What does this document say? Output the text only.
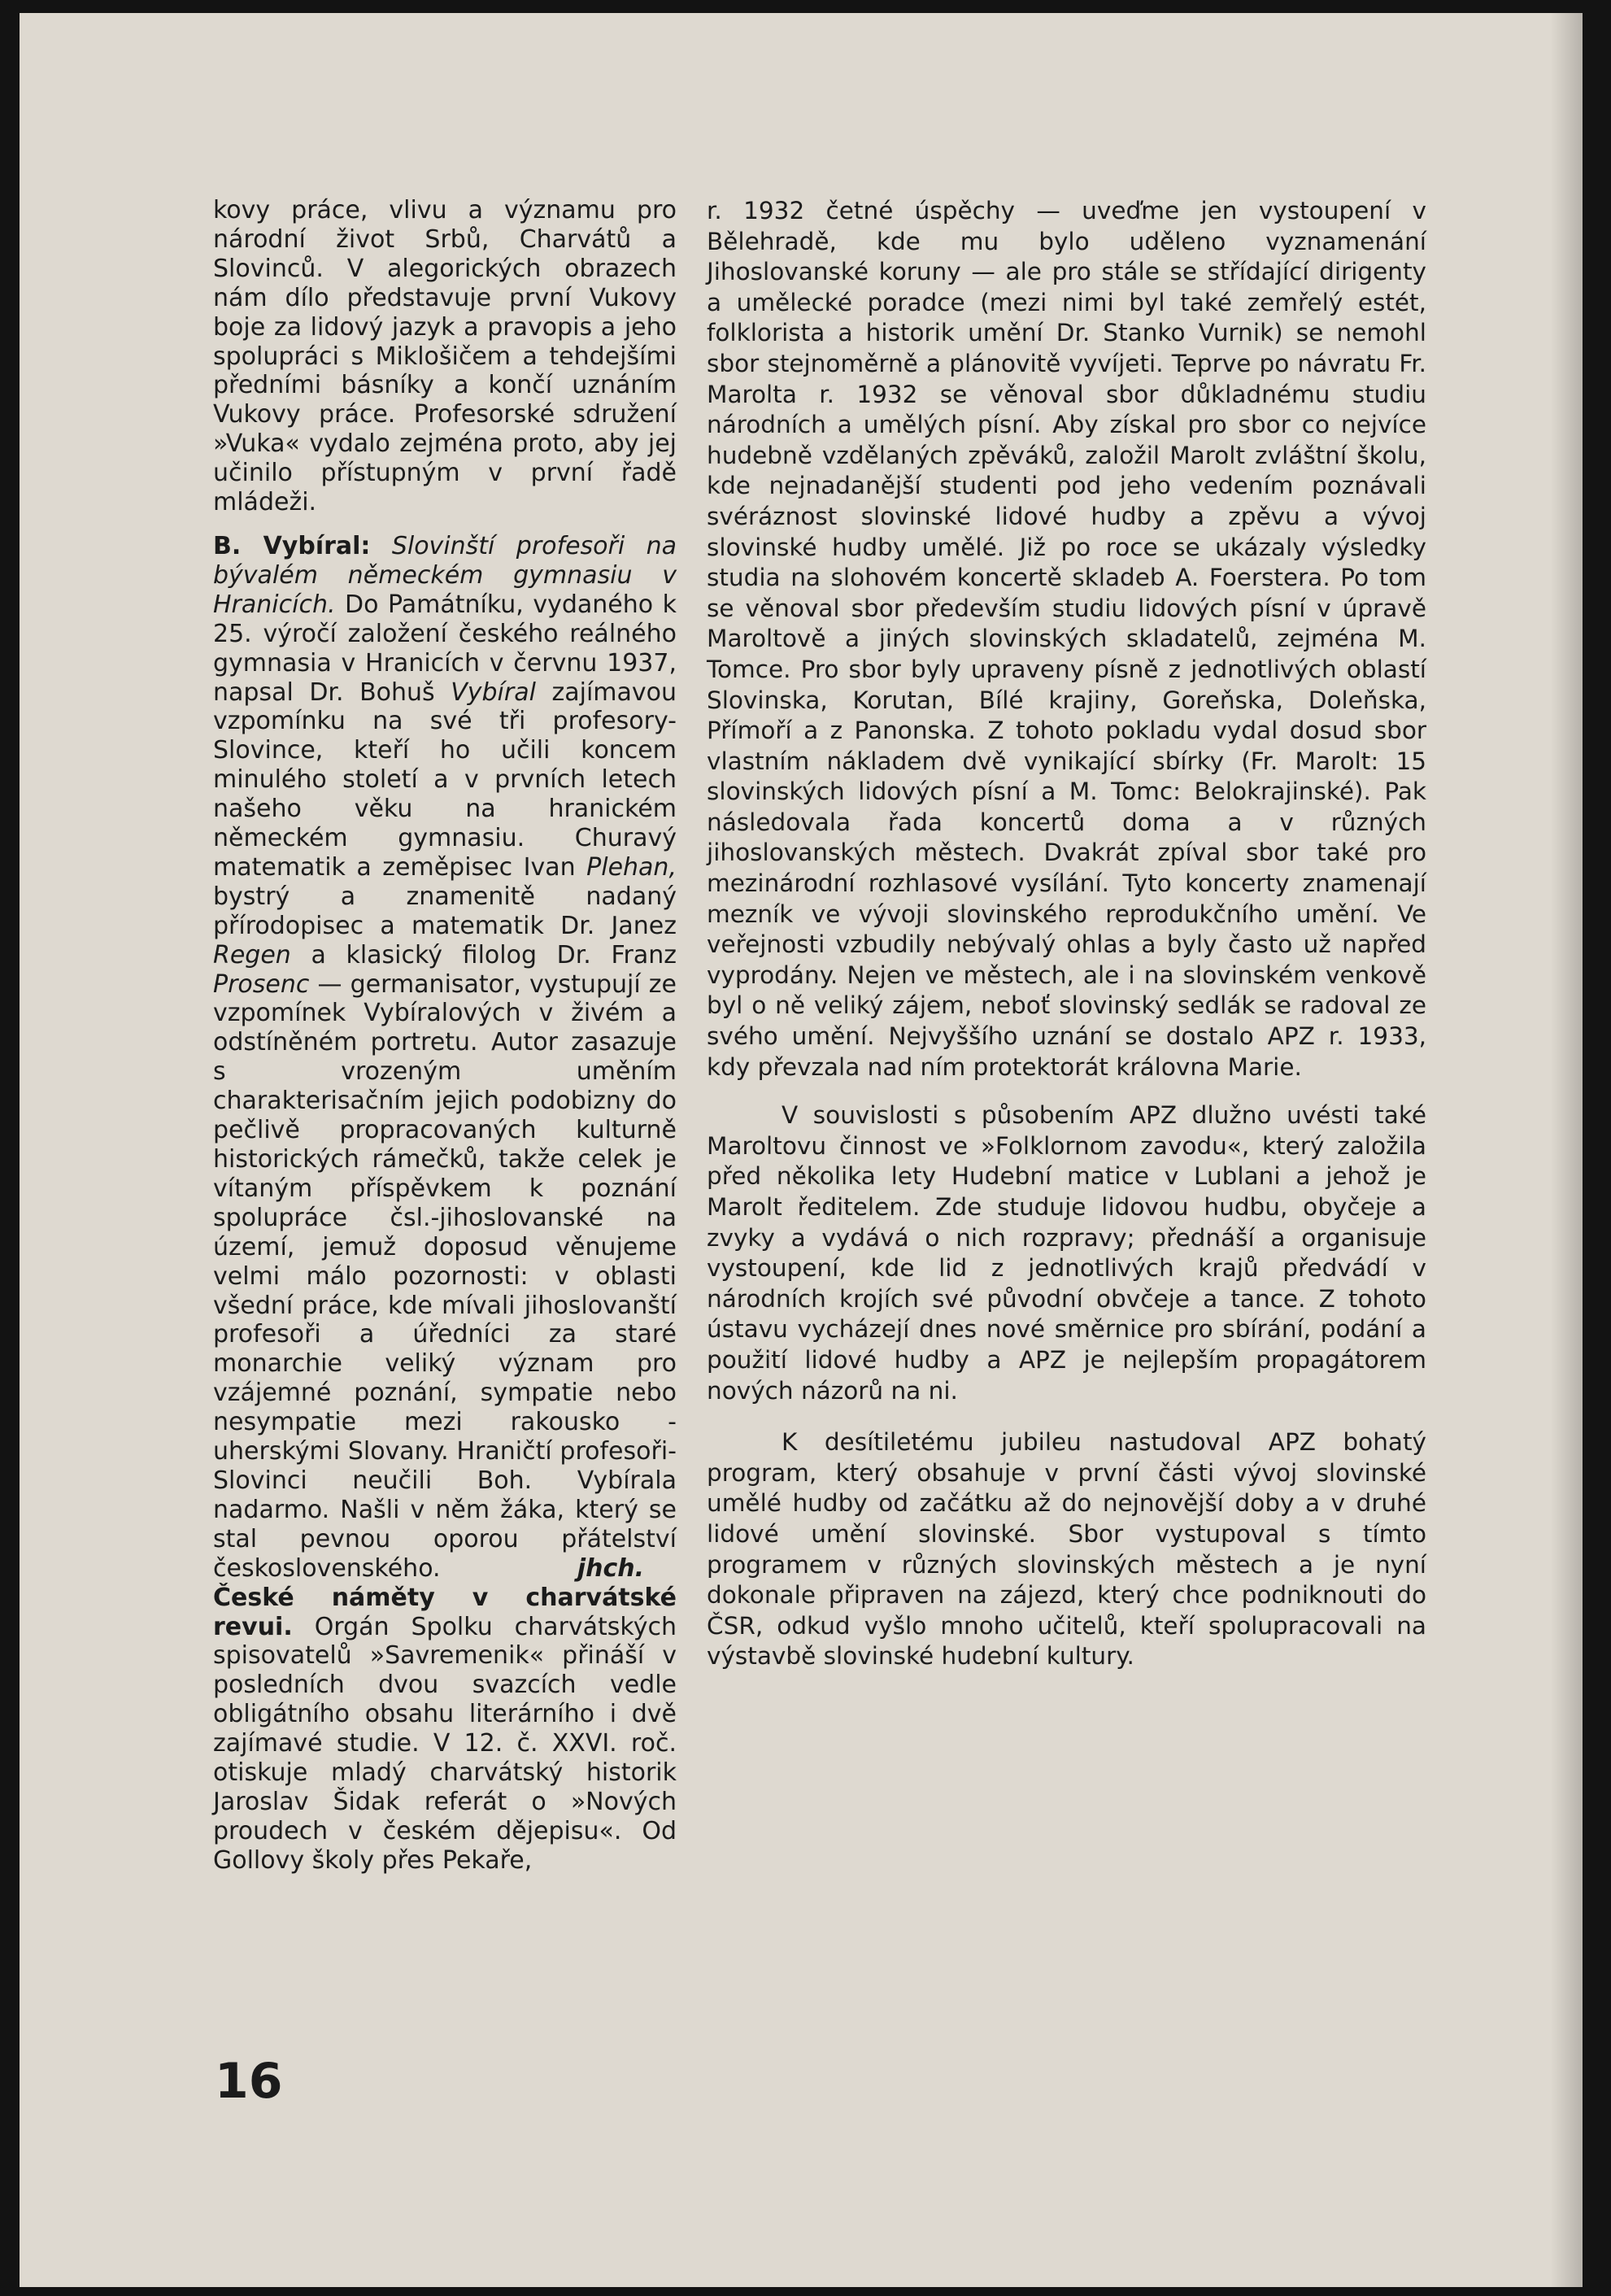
kovy práce, vlivu a významu pro národní život Srbů, Charvátů a Slovinců. V alegorických obrazech nám dílo představuje první Vukovy boje za lidový jazyk a pravopis a jeho spolupráci s Miklošičem a tehdejšími předními básníky a končí uznáním Vukovy práce. Profesorské sdružení »Vuka« vydalo zejména proto, aby jej učinilo přístupným v první řadě mládeži.

B. Vybíral: Slovinští profesoři na bývalém německém gymnasiu v Hranicích. Do Památníku, vydaného k 25. výročí založení českého reálného gymnasia v Hranicích v červnu 1937, napsal Dr. Bohuš Vybíral zajímavou vzpomínku na své tři profesory-Slovince, kteří ho učili koncem minulého století a v prvních letech našeho věku na hranickém německém gymnasiu. Churavý matematik a zeměpisec Ivan Plehan, bystrý a znamenitě nadaný přírodopisec a matematik Dr. Janez Regen a klasický filolog Dr. Franz Prosenc — germanisator, vystupují ze vzpomínek Vybíralových v živém a odstíněném portretu. Autor zasazuje s vrozeným uměním charakterisačním jejich podobizny do pečlivě propracovaných kulturně historických rámečků, takže celek je vítaným příspěvkem k poznání spolupráce čsl.-jihoslovanské na území, jemuž doposud věnujeme velmi málo pozornosti: v oblasti všední práce, kde mívali jihoslovanští profesoři a úředníci za staré monarchie veliký význam pro vzájemné poznání, sympatie nebo nesympatie mezi rakousko - uherskými Slovany. Hraničtí profesoři-Slovinci neučili Boh. Vybírala nadarmo. Našli v něm žáka, který se stal pevnou oporou přátelství československého.	jhch.

České náměty v charvátské revui. Orgán Spolku charvátských spisovatelů »Savremenik« přináší v posledních dvou svazcích vedle obligátního obsahu literárního i dvě zajímavé studie. V 12. č. XXVI. roč. otiskuje mladý charvátský historik Jaroslav Šidak referát o »Nových proudech v českém dějepisu«. Od Gollovy školy přes Pekaře,

r. 1932 četné úspěchy — uveďme jen vystoupení v Bělehradě, kde mu bylo uděleno vyznamenání Jihoslovanské koruny — ale pro stále se střídající dirigenty a umělecké poradce (mezi nimi byl také zemřelý estét, folklorista a historik umění Dr. Stanko Vurnik) se nemohl sbor stejnoměrně a plánovitě vyvíjeti. Teprve po návratu Fr. Marolta r. 1932 se věnoval sbor důkladnému studiu národních a umělých písní. Aby získal pro sbor co nejvíce hudebně vzdělaných zpěváků, založil Marolt zvláštní školu, kde nejnadanější studenti pod jeho vedením poznávali svéráznost slovinské lidové hudby a zpěvu a vývoj slovinské hudby umělé. Již po roce se ukázaly výsledky studia na slohovém koncertě skladeb A. Foerstera. Po tom se věnoval sbor především studiu lidových písní v úpravě Maroltově a jiných slovinských skladatelů, zejména M. Tomce. Pro sbor byly upraveny písně z jednotlivých oblastí Slovinska, Korutan, Bílé krajiny, Goreňska, Doleňska, Přímoří a z Panonska. Z tohoto pokladu vydal dosud sbor vlastním nákladem dvě vynikající sbírky (Fr. Marolt: 15 slovinských lidových písní a M. Tomc: Belokrajinské). Pak následovala řada koncertů doma a v různých jihoslovanských městech. Dvakrát zpíval sbor také pro mezinárodní rozhlasové vysílání. Tyto koncerty znamenají mezník ve vývoji slovinského reprodukčního umění. Ve veřejnosti vzbudily nebývalý ohlas a byly často už napřed vyprodány. Nejen ve městech, ale i na slovinském venkově byl o ně veliký zájem, neboť slovinský sedlák se radoval ze svého umění. Nejvyššího uznání se dostalo APZ r. 1933, kdy převzala nad ním protektorát královna Marie.

V souvislosti s působením APZ dlužno uvésti také Maroltovu činnost ve »Folklornom zavodu«, který založila před několika lety Hudební matice v Lublani a jehož je Marolt ředitelem. Zde studuje lidovou hudbu, obyčeje a zvyky a vydává o nich rozpravy; přednáší a organisuje vystoupení, kde lid z jednotlivých krajů předvádí v národních krojích své původní obvčeje a tance. Z tohoto ústavu vycházejí dnes nové směrnice pro sbírání, podání a použití lidové hudby a APZ je nejlepším propagátorem nových názorů na ni.

K desítiletému jubileu nastudoval APZ bohatý program, který obsahuje v první části vývoj slovinské umělé hudby od začátku až do nejnovější doby a v druhé lidové umění slovinské. Sbor vystupoval s tímto programem v různých slovinských městech a je nyní dokonale připraven na zájezd, který chce podniknouti do ČSR, odkud vyšlo mnoho učitelů, kteří spolupracovali na výstavbě slovinské hudební kultury.

16
